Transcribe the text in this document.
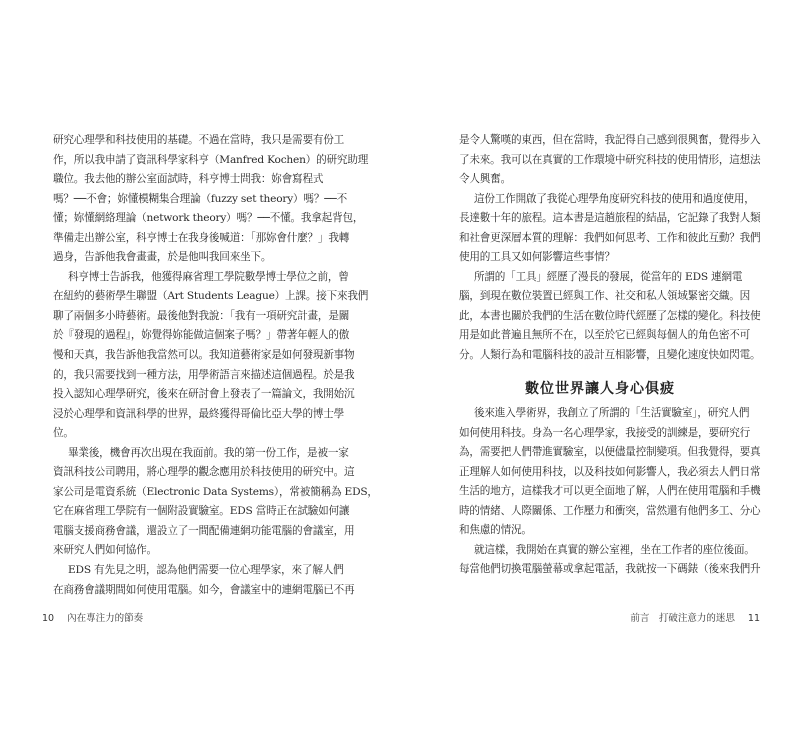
研究心理學和科技使用的基礎。不過在當時，我只是需要有份工
作，所以我申請了資訊科學家科亨（Manfred Kochen）的研究助理
職位。我去他的辦公室面試時，科亨博士問我：妳會寫程式
嗎？──不會；妳懂模糊集合理論（fuzzy set theory）嗎？──不
懂；妳懂網絡理論（network theory）嗎？──不懂。我拿起背包，
準備走出辦公室，科亨博士在我身後喊道：「那妳會什麼？」我轉
過身，告訴他我會畫畫，於是他叫我回來坐下。
科亨博士告訴我，他獲得麻省理工學院數學博士學位之前，曾
在紐約的藝術學生聯盟（Art Students League）上課。接下來我們
聊了兩個多小時藝術。最後他對我說：「我有一項研究計畫，是關
於『發現的過程』，妳覺得妳能做這個案子嗎？」帶著年輕人的傲
慢和天真，我告訴他我當然可以。我知道藝術家是如何發現新事物
的，我只需要找到一種方法，用學術語言來描述這個過程。於是我
投入認知心理學研究，後來在研討會上發表了一篇論文，我開始沉
浸於心理學和資訊科學的世界，最終獲得哥倫比亞大學的博士學
位。
畢業後，機會再次出現在我面前。我的第一份工作，是被一家
資訊科技公司聘用，將心理學的觀念應用於科技使用的研究中。這
家公司是電資系統（Electronic Data Systems），常被簡稱為 EDS，
它在麻省理工學院有一個附設實驗室。EDS 當時正在試驗如何讓
電腦支援商務會議，還設立了一間配備連網功能電腦的會議室，用
來研究人們如何協作。
EDS 有先見之明，認為他們需要一位心理學家，來了解人們
在商務會議期間如何使用電腦。如今，會議室中的連網電腦已不再
10 內在專注力的節奏	前言　打破注意力的迷思 11
是令人驚嘆的東西，但在當時，我記得自己感到很興奮，覺得步入
了未來。我可以在真實的工作環境中研究科技的使用情形，這想法
令人興奮。
這份工作開啟了我從心理學角度研究科技的使用和過度使用，
長達數十年的旅程。這本書是這趟旅程的結晶，它記錄了我對人類
和社會更深層本質的理解：我們如何思考、工作和彼此互動？我們
使用的工具又如何影響這些事情？
所謂的「工具」經歷了漫長的發展，從當年的 EDS 連網電
腦，到現在數位裝置已經與工作、社交和私人領域緊密交織。因
此，本書也關於我們的生活在數位時代經歷了怎樣的變化。科技使
用是如此普遍且無所不在，以至於它已經與每個人的角色密不可
分。人類行為和電腦科技的設計互相影響，且變化速度快如閃電。
數位世界讓人身心俱疲
後來進入學術界，我創立了所謂的「生活實驗室」，研究人們
如何使用科技。身為一名心理學家，我接受的訓練是，要研究行
為，需要把人們帶進實驗室，以便儘量控制變項。但我覺得，要真
正理解人如何使用科技，以及科技如何影響人，我必須去人們日常
生活的地方，這樣我才可以更全面地了解，人們在使用電腦和手機
時的情緒、人際關係、工作壓力和衝突，當然還有他們多工、分心
和焦慮的情況。
就這樣，我開始在真實的辦公室裡，坐在工作者的座位後面。
每當他們切換電腦螢幕或拿起電話，我就按一下碼錶（後來我們升
